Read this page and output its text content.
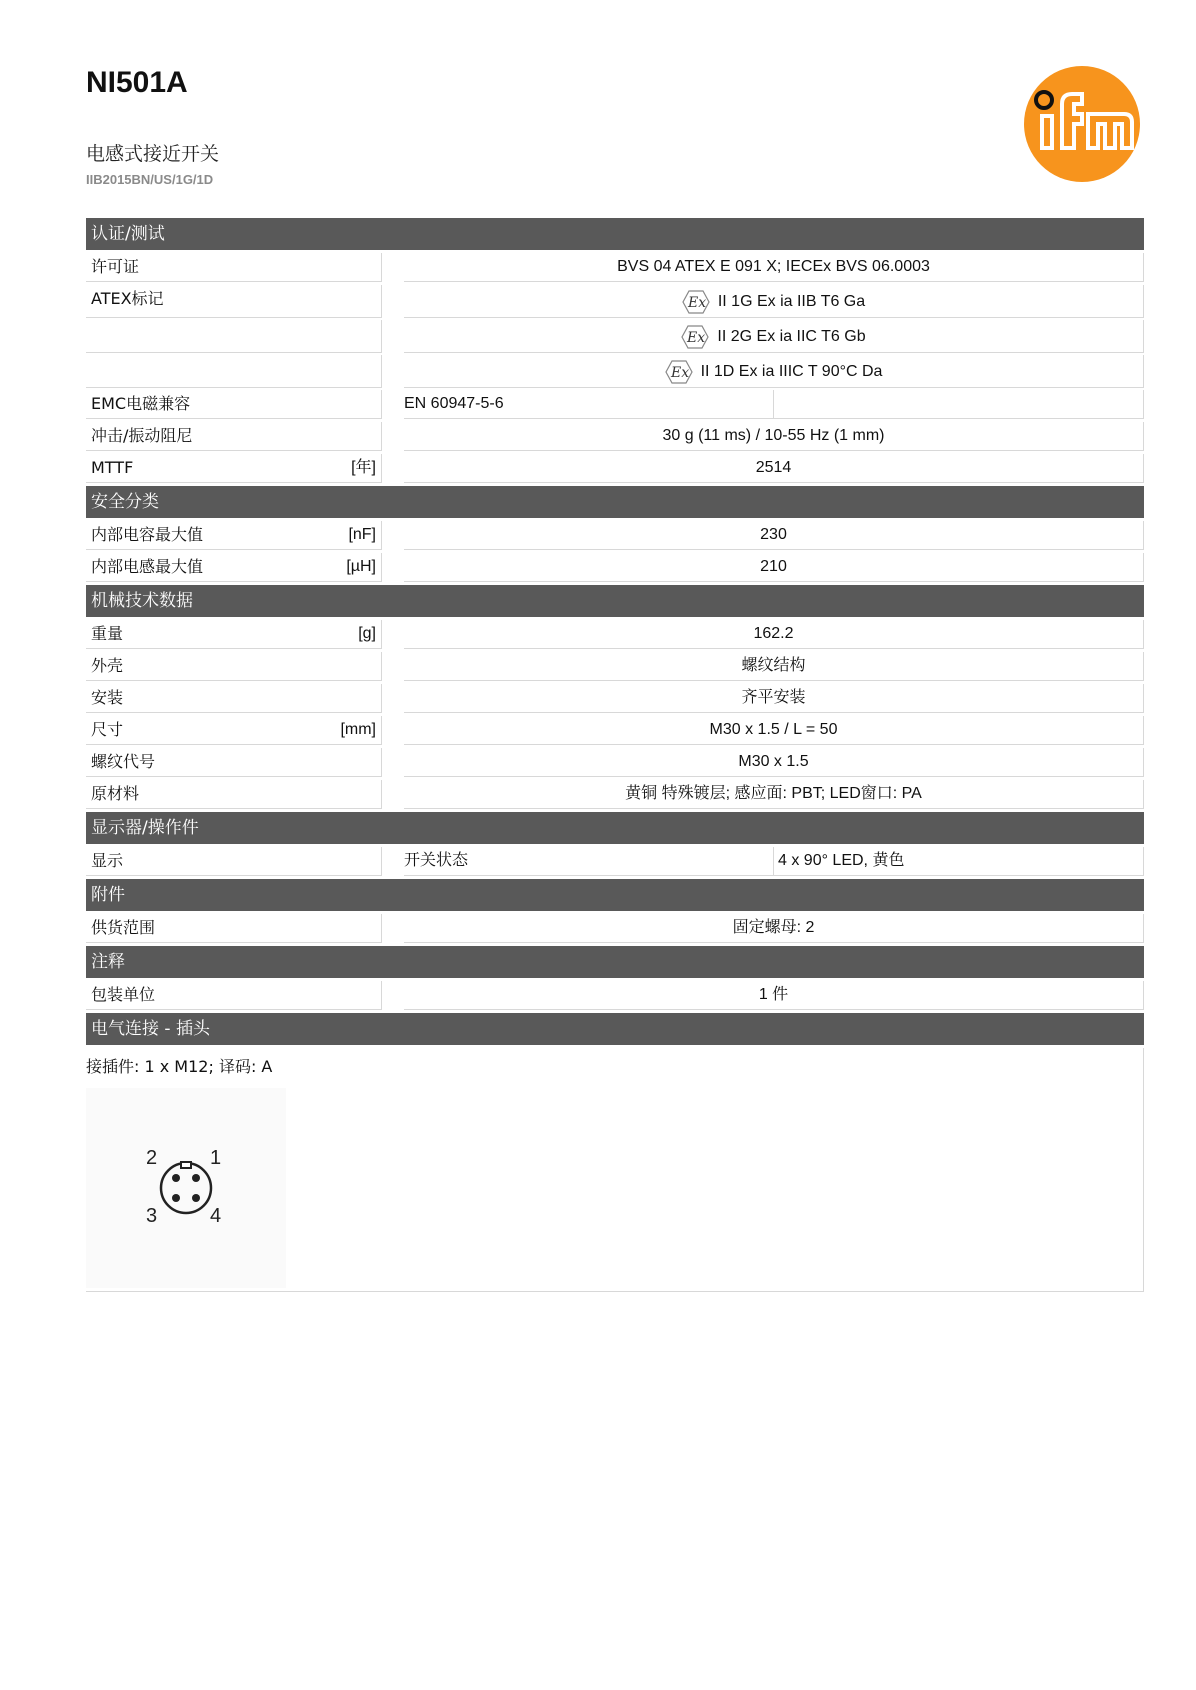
NI501A
电感式接近开关
IIB2015BN/US/1G/1D
认证/测试
许可证	BVS 04 ATEX E 091 X; IECEx BVS 06.0003
ATEX标记	Ex II 1G Ex ia IIB T6 Ga
Ex II 2G Ex ia IIC T6 Gb
Ex II 1D Ex ia IIIC T 90°C Da
EMC电磁兼容	EN 60947-5-6
冲击/振动阻尼	30 g (11 ms) / 10-55 Hz (1 mm)
MTTF	[年]	2514
安全分类
内部电容最大值	[nF]	230
内部电感最大值	[µH]	210
机械技术数据
重量	[g]	162.2
外壳	螺纹结构
安装	齐平安装
尺寸	[mm]	M30 x 1.5 / L = 50
螺纹代号	M30 x 1.5
原材料	黄铜 特殊镀层; 感应面: PBT; LED窗口: PA
显示器/操作件
显示	开关状态	4 x 90° LED, 黄色
附件
供货范围	固定螺母: 2
注释
包装单位	1 件
电气连接 - 插头
接插件: 1 x M12; 译码: A
1
2
3	4
